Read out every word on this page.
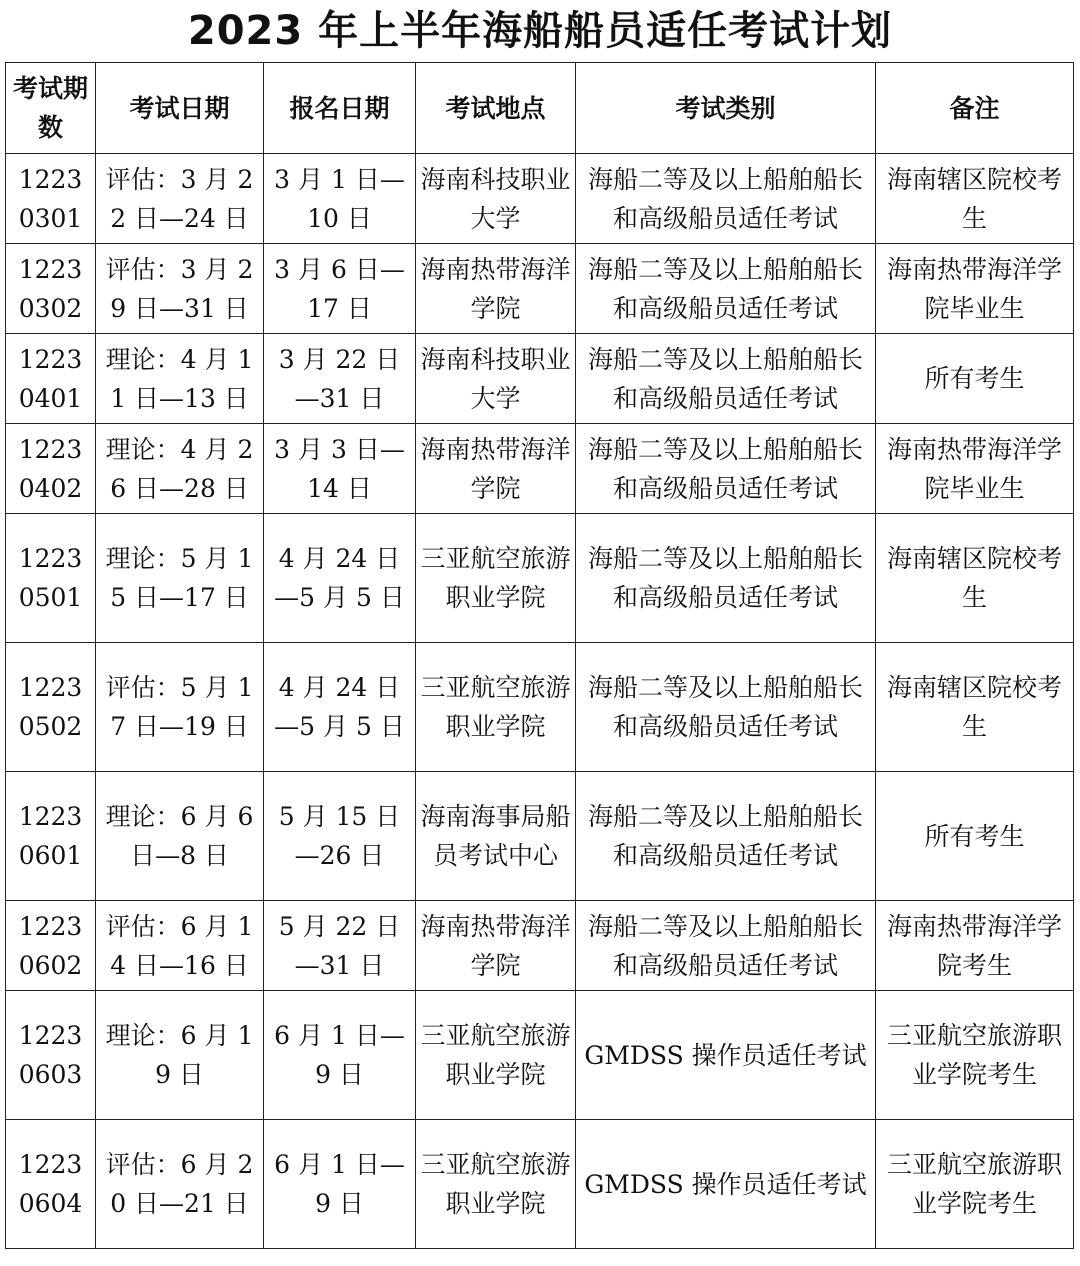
2023 年上半年海船船员适任考试计划
考试期数	考试日期	报名日期	考试地点	考试类别	备注
1223 0301	评估：3 月 22 日—24 日	3 月 1 日— 10 日	海南科技职业大学	海船二等及以上船舶船长和高级船员适任考试	海南辖区院校考生
1223 0302	评估：3 月 29 日—31 日	3 月 6 日— 17 日	海南热带海洋学院	海船二等及以上船舶船长和高级船员适任考试	海南热带海洋学院毕业生
1223 0401	理论：4 月 11 日—13 日	3 月 22 日 —31 日	海南科技职业大学	海船二等及以上船舶船长和高级船员适任考试	所有考生
1223 0402	理论：4 月 26 日—28 日	3 月 3 日— 14 日	海南热带海洋学院	海船二等及以上船舶船长和高级船员适任考试	海南热带海洋学院毕业生
1223 0501	理论：5 月 15 日—17 日	4 月 24 日 —5 月 5 日	三亚航空旅游职业学院	海船二等及以上船舶船长和高级船员适任考试	海南辖区院校考生
1223 0502	评估：5 月 17 日—19 日	4 月 24 日 —5 月 5 日	三亚航空旅游职业学院	海船二等及以上船舶船长和高级船员适任考试	海南辖区院校考生
1223 0601	理论：6 月 6 日—8 日	5 月 15 日 —26 日	海南海事局船员考试中心	海船二等及以上船舶船长和高级船员适任考试	所有考生
1223 0602	评估：6 月 14 日—16 日	5 月 22 日 —31 日	海南热带海洋学院	海船二等及以上船舶船长和高级船员适任考试	海南热带海洋学院考生
1223 0603	理论：6 月 19 日	6 月 1 日— 9 日	三亚航空旅游职业学院	GMDSS 操作员适任考试	三亚航空旅游职业学院考生
1223 0604	评估：6 月 20 日—21 日	6 月 1 日— 9 日	三亚航空旅游职业学院	GMDSS 操作员适任考试	三亚航空旅游职业学院考生
